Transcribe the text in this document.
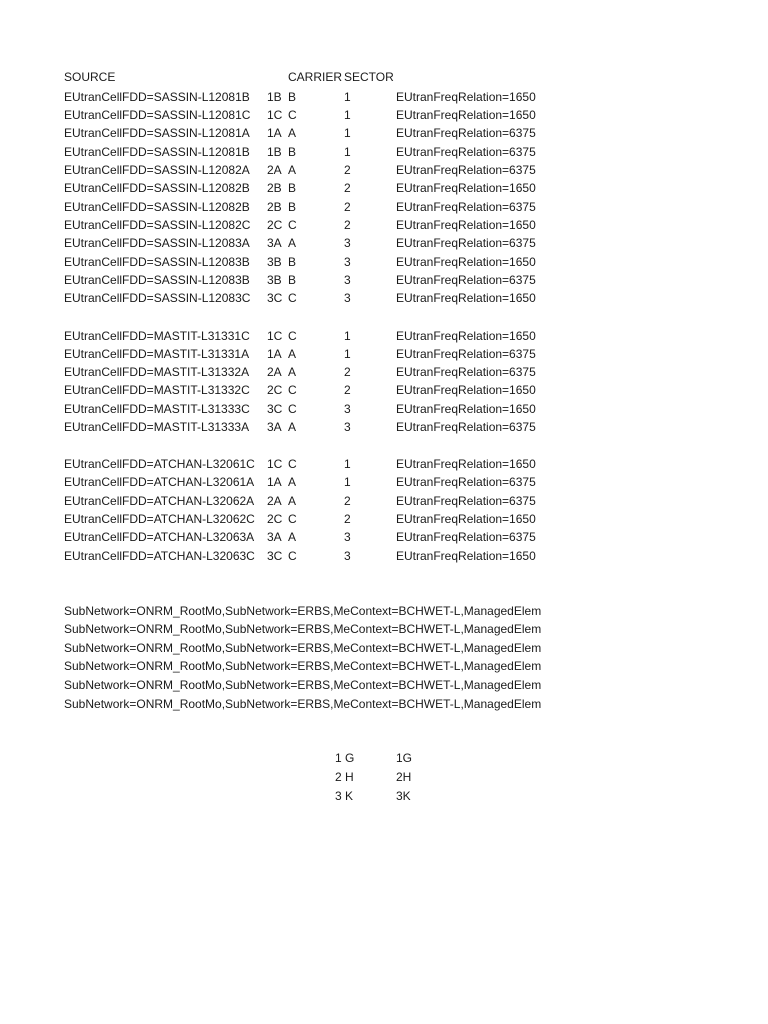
SOURCE	CARRIER SECTOR
EUtranCellFDD=SASSIN-L12081B 1B B	1	EUtranFreqRelation=1650
EUtranCellFDD=SASSIN-L12081C 1C C	1	EUtranFreqRelation=1650
EUtranCellFDD=SASSIN-L12081A 1A A	1	EUtranFreqRelation=6375
EUtranCellFDD=SASSIN-L12081B 1B B	1	EUtranFreqRelation=6375
EUtranCellFDD=SASSIN-L12082A 2A A	2	EUtranFreqRelation=6375
EUtranCellFDD=SASSIN-L12082B 2B B	2	EUtranFreqRelation=1650
EUtranCellFDD=SASSIN-L12082B 2B B	2	EUtranFreqRelation=6375
EUtranCellFDD=SASSIN-L12082C 2C C	2	EUtranFreqRelation=1650
EUtranCellFDD=SASSIN-L12083A 3A A	3	EUtranFreqRelation=6375
EUtranCellFDD=SASSIN-L12083B 3B B	3	EUtranFreqRelation=1650
EUtranCellFDD=SASSIN-L12083B 3B B	3	EUtranFreqRelation=6375
EUtranCellFDD=SASSIN-L12083C 3C C	3	EUtranFreqRelation=1650
EUtranCellFDD=MASTIT-L31331C 1C C	1	EUtranFreqRelation=1650
EUtranCellFDD=MASTIT-L31331A 1A A	1	EUtranFreqRelation=6375
EUtranCellFDD=MASTIT-L31332A 2A A	2	EUtranFreqRelation=6375
EUtranCellFDD=MASTIT-L31332C 2C C	2	EUtranFreqRelation=1650
EUtranCellFDD=MASTIT-L31333C 3C C	3	EUtranFreqRelation=1650
EUtranCellFDD=MASTIT-L31333A 3A A	3	EUtranFreqRelation=6375
EUtranCellFDD=ATCHAN-L32061C 1C C	1	EUtranFreqRelation=1650
EUtranCellFDD=ATCHAN-L32061A 1A A	1	EUtranFreqRelation=6375
EUtranCellFDD=ATCHAN-L32062A 2A A	2	EUtranFreqRelation=6375
EUtranCellFDD=ATCHAN-L32062C 2C C	2	EUtranFreqRelation=1650
EUtranCellFDD=ATCHAN-L32063A 3A A	3	EUtranFreqRelation=6375
EUtranCellFDD=ATCHAN-L32063C 3C C	3	EUtranFreqRelation=1650
SubNetwork=ONRM_RootMo,SubNetwork=ERBS,MeContext=BCHWET-L,ManagedElem
SubNetwork=ONRM_RootMo,SubNetwork=ERBS,MeContext=BCHWET-L,ManagedElem
SubNetwork=ONRM_RootMo,SubNetwork=ERBS,MeContext=BCHWET-L,ManagedElem
SubNetwork=ONRM_RootMo,SubNetwork=ERBS,MeContext=BCHWET-L,ManagedElem
SubNetwork=ONRM_RootMo,SubNetwork=ERBS,MeContext=BCHWET-L,ManagedElem
SubNetwork=ONRM_RootMo,SubNetwork=ERBS,MeContext=BCHWET-L,ManagedElem
1 G	1G
2 H	2H
3 K	3K
